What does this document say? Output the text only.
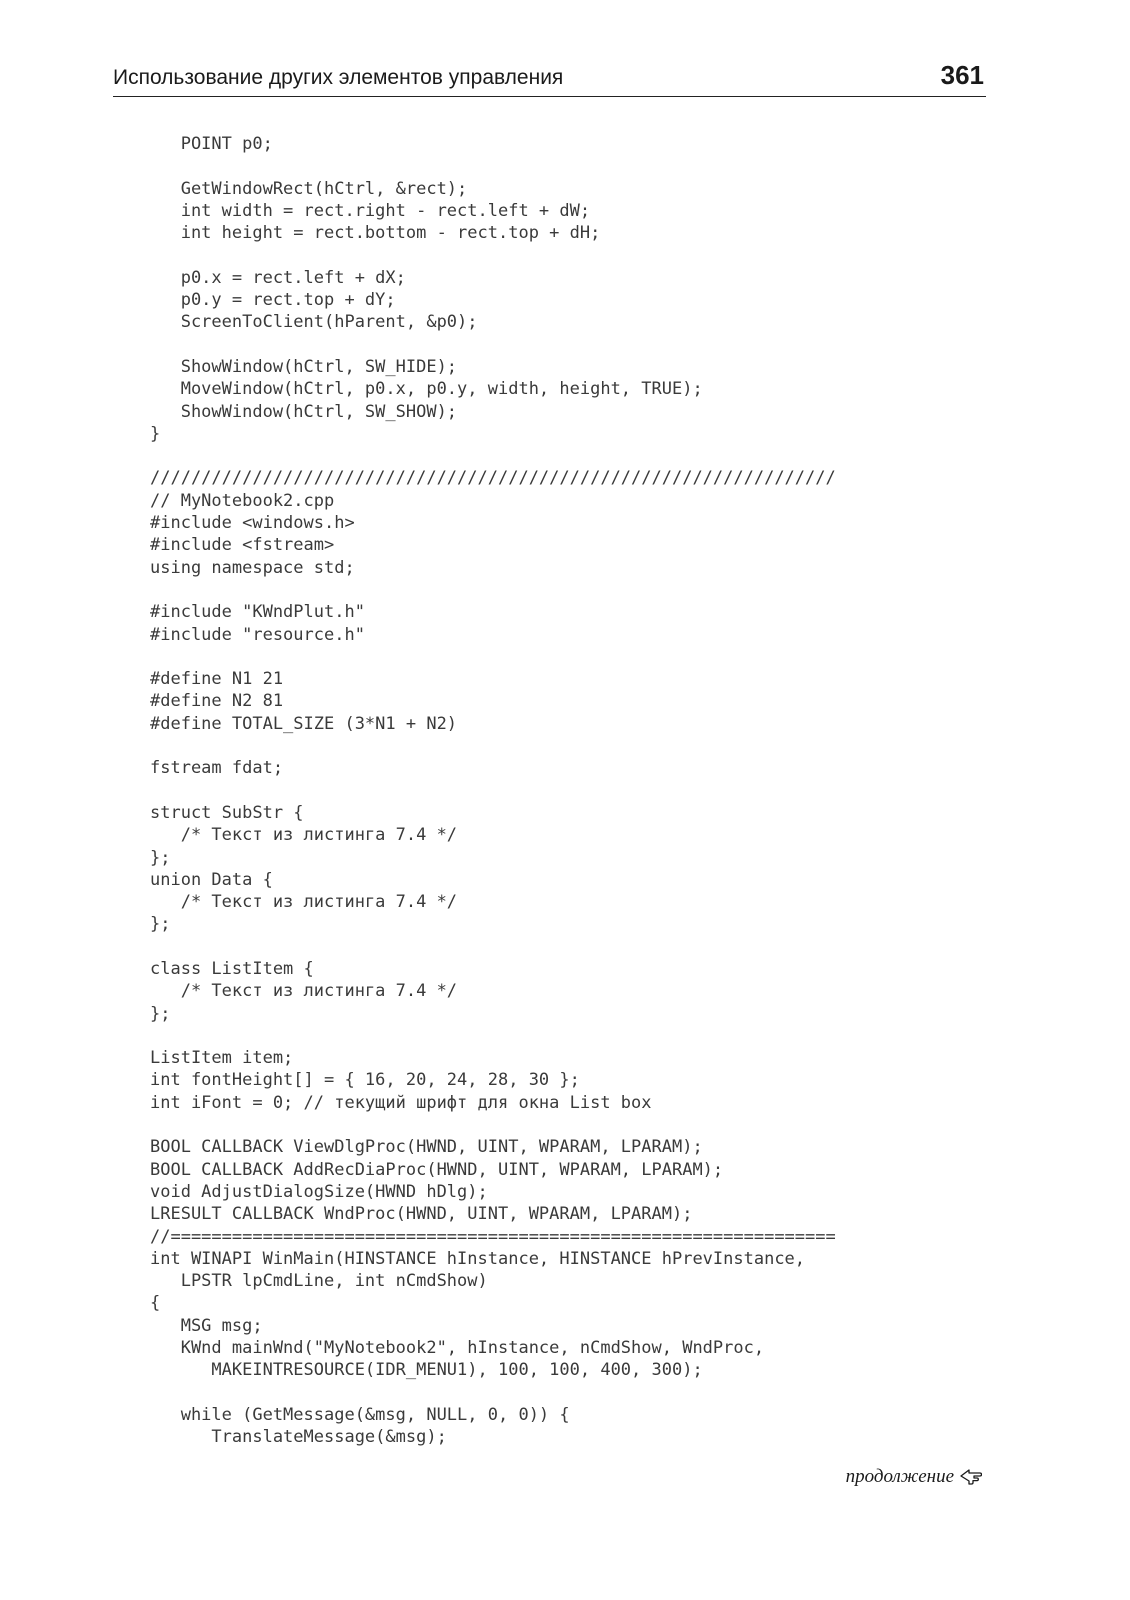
Использование других элементов управления	361
POINT p0;
GetWindowRect(hCtrl, &rect);
int width = rect.right - rect.left + dW;
int height = rect.bottom - rect.top + dH;
p0.x = rect.left + dX;
p0.y = rect.top + dY;
ScreenToClient(hParent, &p0);
ShowWindow(hCtrl, SW_HIDE);
MoveWindow(hCtrl, p0.x, p0.y, width, height, TRUE);
ShowWindow(hCtrl, SW_SHOW);
}
///////////////////////////////////////////////////////////////////
// MyNotebook2.cpp
#include <windows.h>
#include <fstream>
using namespace std;
#include "KWndPlut.h"
#include "resource.h"
#define N1 21
#define N2 81
#define TOTAL_SIZE (3*N1 + N2)
fstream fdat;
struct SubStr {
/* Текст из листинга 7.4 */
};
union Data {
/* Текст из листинга 7.4 */
};
class ListItem {
/* Текст из листинга 7.4 */
};
ListItem item;
int fontHeight[] = { 16, 20, 24, 28, 30 };
int iFont = 0; // текущий шрифт для окна List box
BOOL CALLBACK ViewDlgProc(HWND, UINT, WPARAM, LPARAM);
BOOL CALLBACK AddRecDiaProc(HWND, UINT, WPARAM, LPARAM);
void AdjustDialogSize(HWND hDlg);
LRESULT CALLBACK WndProc(HWND, UINT, WPARAM, LPARAM);
//=================================================================
int WINAPI WinMain(HINSTANCE hInstance, HINSTANCE hPrevInstance,
LPSTR lpCmdLine, int nCmdShow)
{
MSG msg;
KWnd mainWnd("MyNotebook2", hInstance, nCmdShow, WndProc,
MAKEINTRESOURCE(IDR_MENU1), 100, 100, 400, 300);
while (GetMessage(&msg, NULL, 0, 0)) {
TranslateMessage(&msg);
продолжение
